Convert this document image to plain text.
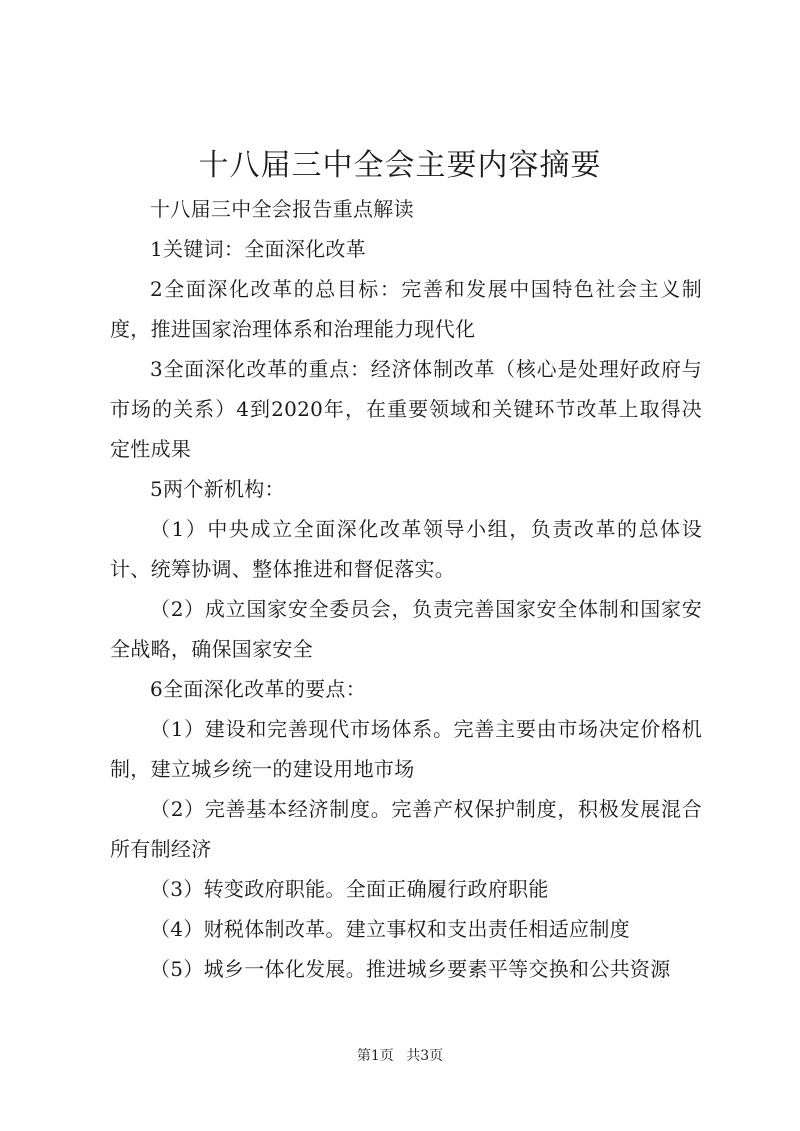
十八届三中全会主要内容摘要

十八届三中全会报告重点解读

1关键词：全面深化改革

2全面深化改革的总目标：完善和发展中国特色社会主义制度，推进国家治理体系和治理能力现代化

3全面深化改革的重点：经济体制改革（核心是处理好政府与市场的关系）4到2020年，在重要领域和关键环节改革上取得决定性成果

5两个新机构：

（1）中央成立全面深化改革领导小组，负责改革的总体设计、统筹协调、整体推进和督促落实。

（2）成立国家安全委员会，负责完善国家安全体制和国家安全战略，确保国家安全

6全面深化改革的要点：

（1）建设和完善现代市场体系。完善主要由市场决定价格机制，建立城乡统一的建设用地市场

（2）完善基本经济制度。完善产权保护制度，积极发展混合所有制经济

（3）转变政府职能。全面正确履行政府职能

（4）财税体制改革。建立事权和支出责任相适应制度

（5）城乡一体化发展。推进城乡要素平等交换和公共资源

第1页 共3页
